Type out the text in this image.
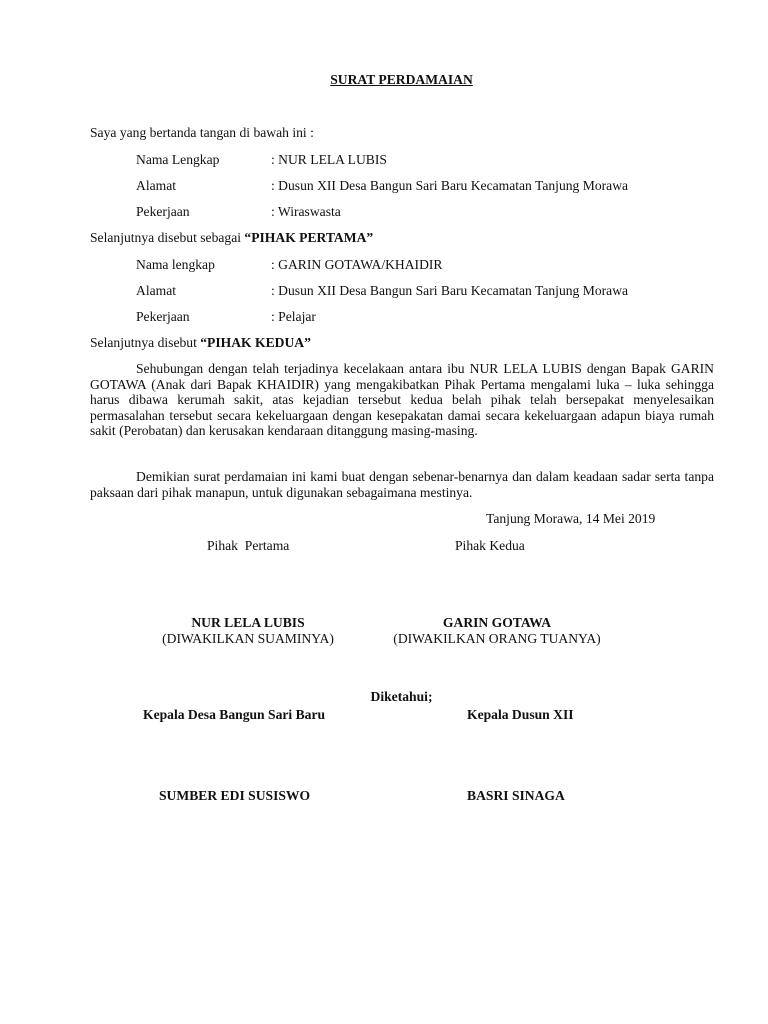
SURAT PERDAMAIAN
Saya yang bertanda tangan di bawah ini :
Nama Lengkap	: NUR LELA LUBIS
Alamat	: Dusun XII Desa Bangun Sari Baru Kecamatan Tanjung Morawa
Pekerjaan	: Wiraswasta
Selanjutnya disebut sebagai “PIHAK PERTAMA”
Nama lengkap	: GARIN GOTAWA/KHAIDIR
Alamat	: Dusun XII Desa Bangun Sari Baru Kecamatan Tanjung Morawa
Pekerjaan	: Pelajar
Selanjutnya disebut “PIHAK KEDUA”

Sehubungan dengan telah terjadinya kecelakaan antara ibu NUR LELA LUBIS dengan Bapak GARIN GOTAWA (Anak dari Bapak KHAIDIR) yang mengakibatkan Pihak Pertama mengalami luka – luka sehingga harus dibawa kerumah sakit, atas kejadian tersebut kedua belah pihak telah bersepakat menyelesaikan permasalahan tersebut secara kekeluargaan dengan kesepakatan damai secara kekeluargaan adapun biaya rumah sakit (Perobatan) dan kerusakan kendaraan ditanggung masing-masing.

Demikian surat perdamaian ini kami buat dengan sebenar-benarnya dan dalam keadaan sadar serta tanpa paksaan dari pihak manapun, untuk digunakan sebagaimana mestinya.

Tanjung Morawa, 14 Mei 2019
Pihak  Pertama	Pihak Kedua
NUR LELA LUBIS
(DIWAKILKAN SUAMINYA)
GARIN GOTAWA
(DIWAKILKAN ORANG TUANYA)
Diketahui;
Kepala Desa Bangun Sari Baru	Kepala Dusun XII
SUMBER EDI SUSISWO	BASRI SINAGA
